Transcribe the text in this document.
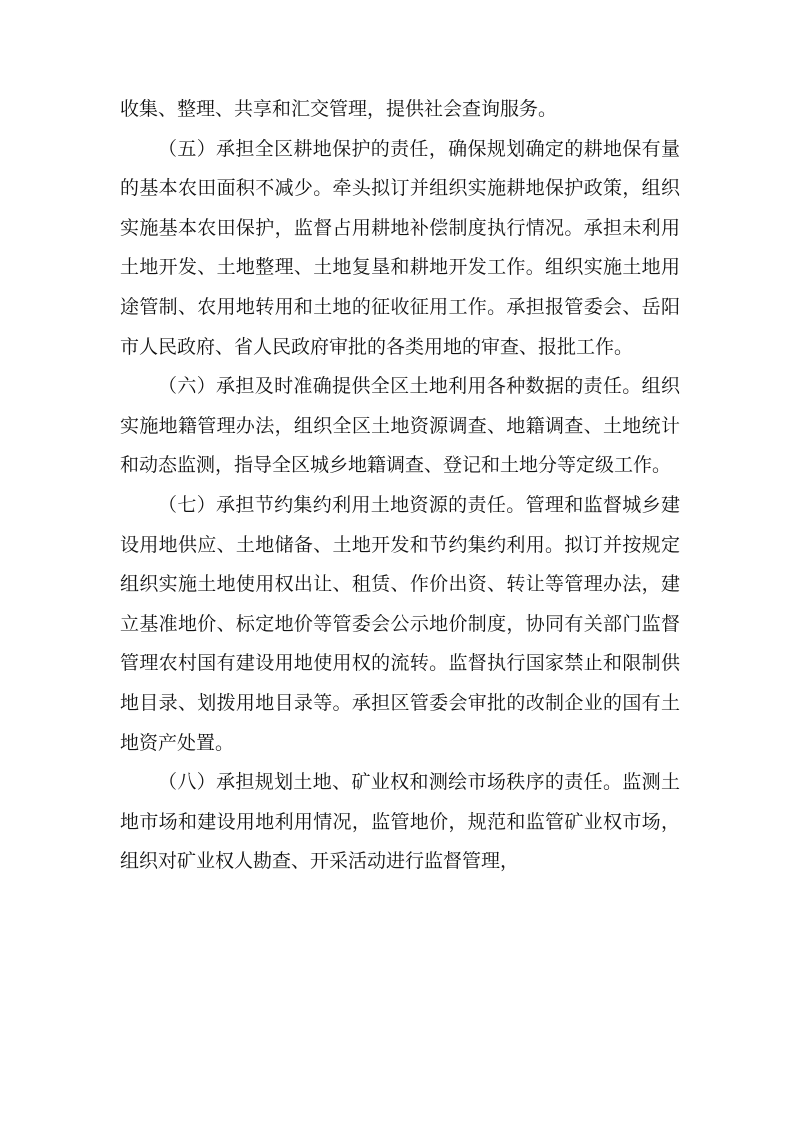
收集、整理、共享和汇交管理，提供社会查询服务。

（五）承担全区耕地保护的责任，确保规划确定的耕地保有量的基本农田面积不减少。牵头拟订并组织实施耕地保护政策，组织实施基本农田保护，监督占用耕地补偿制度执行情况。承担未利用土地开发、土地整理、土地复垦和耕地开发工作。组织实施土地用途管制、农用地转用和土地的征收征用工作。承担报管委会、岳阳市人民政府、省人民政府审批的各类用地的审查、报批工作。

（六）承担及时准确提供全区土地利用各种数据的责任。组织实施地籍管理办法，组织全区土地资源调查、地籍调查、土地统计和动态监测，指导全区城乡地籍调查、登记和土地分等定级工作。

（七）承担节约集约利用土地资源的责任。管理和监督城乡建设用地供应、土地储备、土地开发和节约集约利用。拟订并按规定组织实施土地使用权出让、租赁、作价出资、转让等管理办法，建立基准地价、标定地价等管委会公示地价制度，协同有关部门监督管理农村国有建设用地使用权的流转。监督执行国家禁止和限制供地目录、划拨用地目录等。承担区管委会审批的改制企业的国有土地资产处置。

（八）承担规划土地、矿业权和测绘市场秩序的责任。监测土地市场和建设用地利用情况，监管地价，规范和监管矿业权市场，组织对矿业权人勘查、开采活动进行监督管理，
